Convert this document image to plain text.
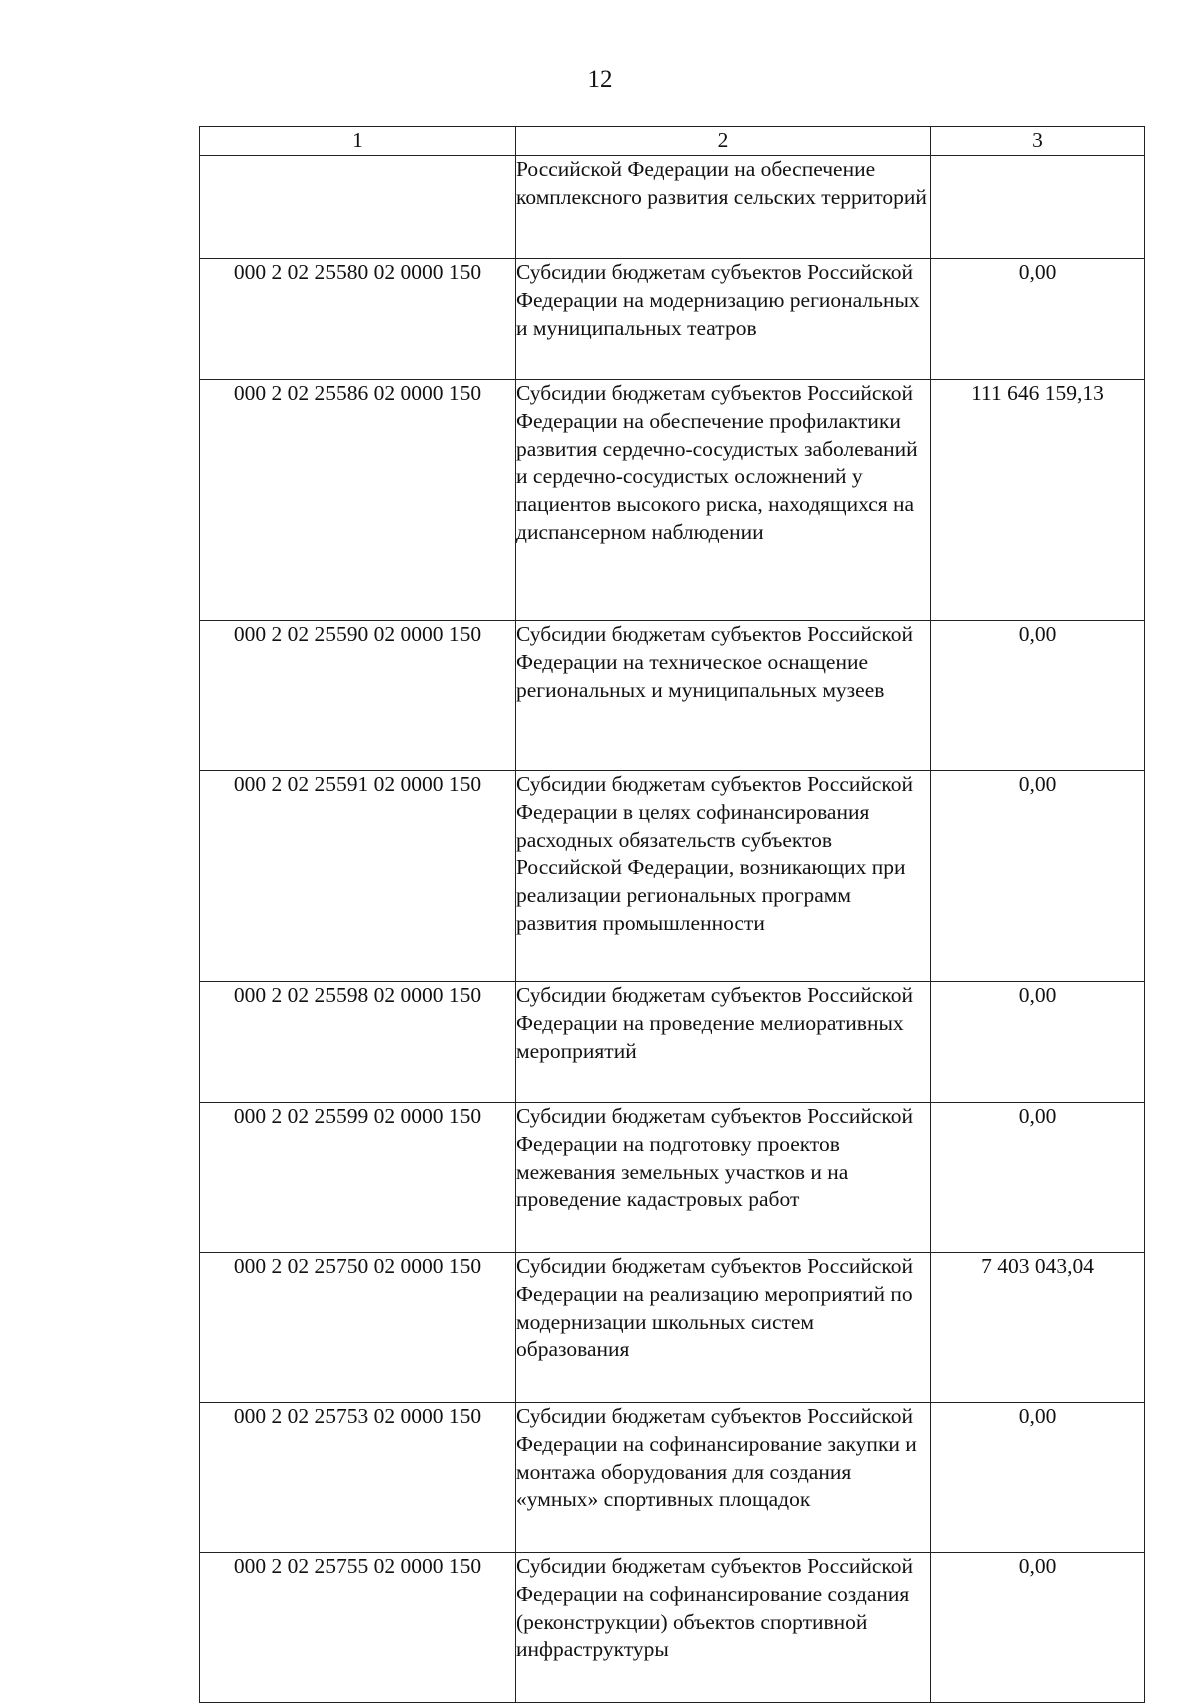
12
1	2	3
	Российской Федерации на обеспечение комплексного развития сельских территорий	
000 2 02 25580 02 0000 150	Субсидии бюджетам субъектов Российской Федерации на модернизацию региональных и муниципальных театров	0,00
000 2 02 25586 02 0000 150	Субсидии бюджетам субъектов Российской Федерации на обеспечение профилактики развития сердечно-сосудистых заболеваний и сердечно-сосудистых осложнений у пациентов высокого риска, находящихся на диспансерном наблюдении	111 646 159,13
000 2 02 25590 02 0000 150	Субсидии бюджетам субъектов Российской Федерации на техническое оснащение региональных и муниципальных музеев	0,00
000 2 02 25591 02 0000 150	Субсидии бюджетам субъектов Российской Федерации в целях софинансирования расходных обязательств субъектов Российской Федерации, возникающих при реализации региональных программ развития промышленности	0,00
000 2 02 25598 02 0000 150	Субсидии бюджетам субъектов Российской Федерации на проведение мелиоративных мероприятий	0,00
000 2 02 25599 02 0000 150	Субсидии бюджетам субъектов Российской Федерации на подготовку проектов межевания земельных участков и на проведение кадастровых работ	0,00
000 2 02 25750 02 0000 150	Субсидии бюджетам субъектов Российской Федерации на реализацию мероприятий по модернизации школьных систем образования	7 403 043,04
000 2 02 25753 02 0000 150	Субсидии бюджетам субъектов Российской Федерации на софинансирование закупки и монтажа оборудования для создания «умных» спортивных площадок	0,00
000 2 02 25755 02 0000 150	Субсидии бюджетам субъектов Российской Федерации на софинансирование создания (реконструкции) объектов спортивной инфраструктуры	0,00
